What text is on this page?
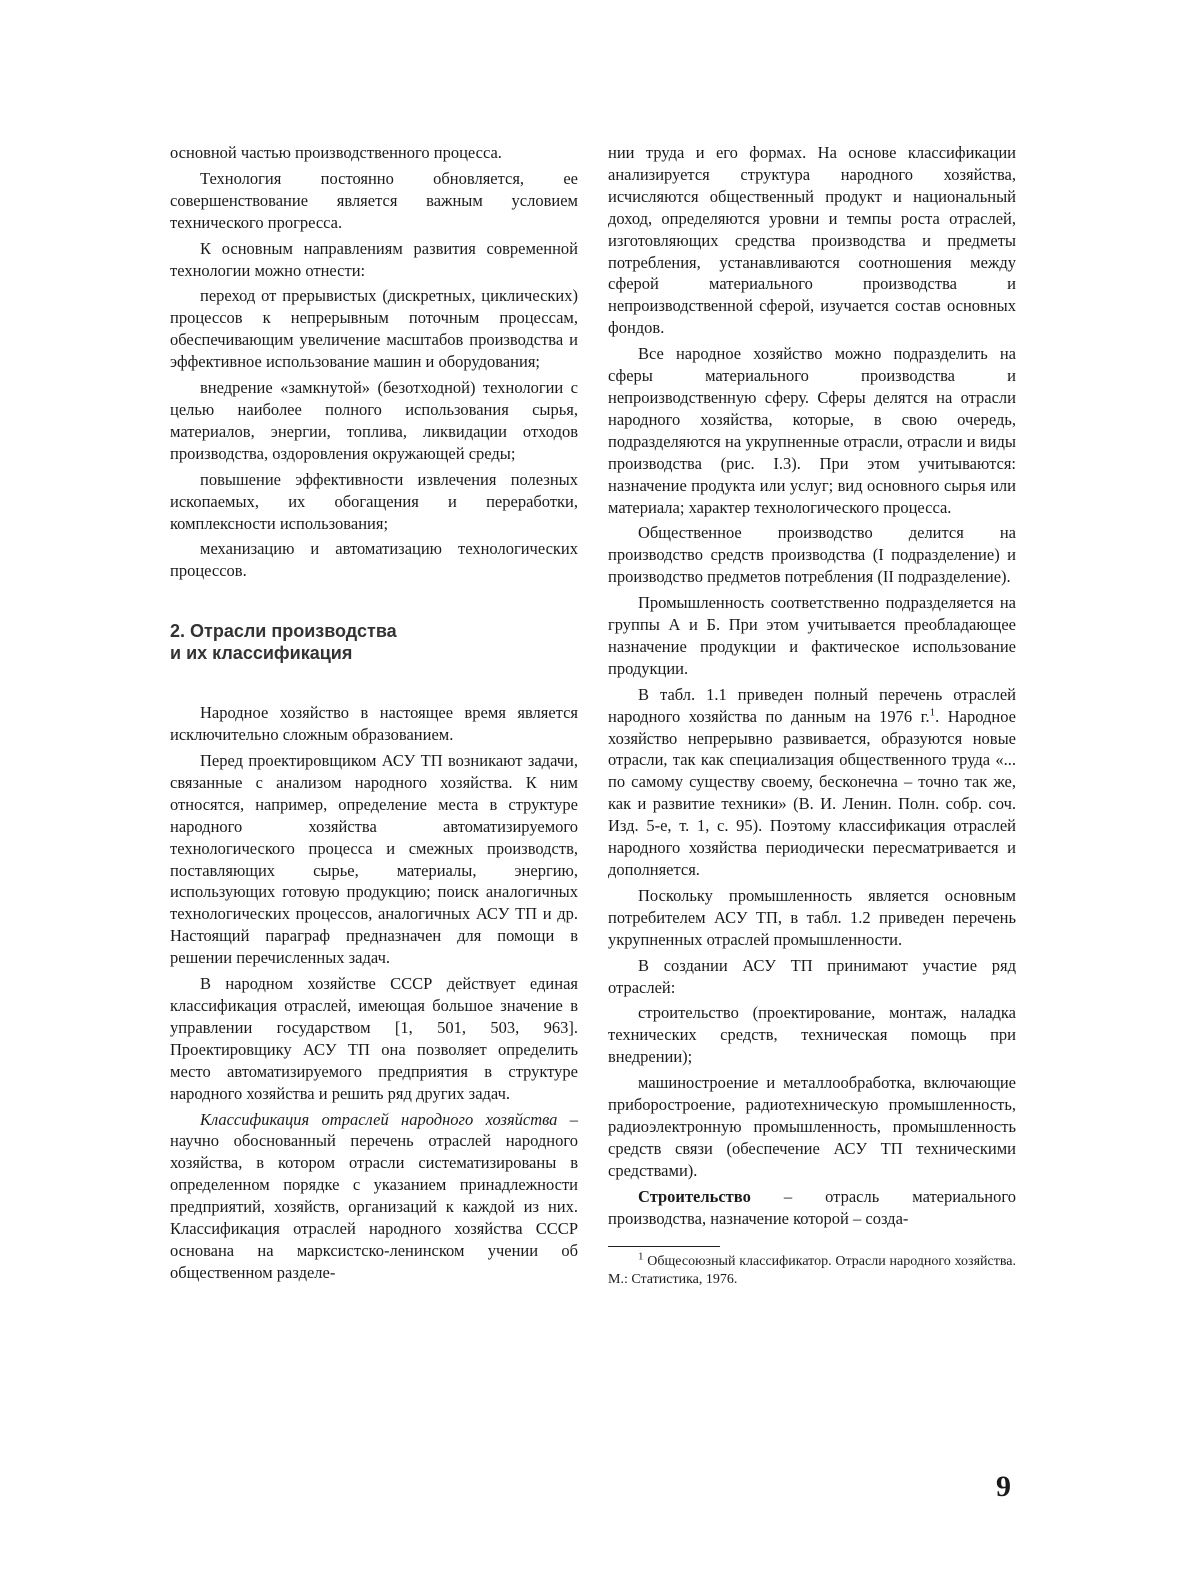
основной частью производственного процесса.

Технология постоянно обновляется, ее совершенствование является важным условием технического прогресса.

К основным направлениям развития современной технологии можно отнести:

переход от прерывистых (дискретных, циклических) процессов к непрерывным поточным процессам, обеспечивающим увеличение масштабов производства и эффективное использование машин и оборудования;

внедрение «замкнутой» (безотходной) технологии с целью наиболее полного использования сырья, материалов, энергии, топлива, ликвидации отходов производства, оздоровления окружающей среды;

повышение эффективности извлечения полезных ископаемых, их обогащения и переработки, комплексности использования;

механизацию и автоматизацию технологических процессов.

2. Отрасли производства
и их классификация

Народное хозяйство в настоящее время является исключительно сложным образованием.

Перед проектировщиком АСУ ТП возникают задачи, связанные с анализом народного хозяйства. К ним относятся, например, определение места в структуре народного хозяйства автоматизируемого технологического процесса и смежных производств, поставляющих сырье, материалы, энергию, использующих готовую продукцию; поиск аналогичных технологических процессов, аналогичных АСУ ТП и др. Настоящий параграф предназначен для помощи в решении перечисленных задач.

В народном хозяйстве СССР действует единая классификация отраслей, имеющая большое значение в управлении государством [1, 501, 503, 963]. Проектировщику АСУ ТП она позволяет определить место автоматизируемого предприятия в структуре народного хозяйства и решить ряд других задач.

Классификация отраслей народного хозяйства – научно обоснованный перечень отраслей народного хозяйства, в котором отрасли систематизированы в определенном порядке с указанием принадлежности предприятий, хозяйств, организаций к каждой из них. Классификация отраслей народного хозяйства СССР основана на марксистско-ленинском учении об общественном разделе-

нии труда и его формах. На основе классификации анализируется структура народного хозяйства, исчисляются общественный продукт и национальный доход, определяются уровни и темпы роста отраслей, изготовляющих средства производства и предметы потребления, устанавливаются соотношения между сферой материального производства и непроизводственной сферой, изучается состав основных фондов.

Все народное хозяйство можно подразделить на сферы материального производства и непроизводственную сферу. Сферы делятся на отрасли народного хозяйства, которые, в свою очередь, подразделяются на укрупненные отрасли, отрасли и виды производства (рис. I.3). При этом учитываются: назначение продукта или услуг; вид основного сырья или материала; характер технологического процесса.

Общественное производство делится на производство средств производства (I подразделение) и производство предметов потребления (II подразделение).

Промышленность соответственно подразделяется на группы А и Б. При этом учитывается преобладающее назначение продукции и фактическое использование продукции.

В табл. 1.1 приведен полный перечень отраслей народного хозяйства по данным на 1976 г.$^1$. Народное хозяйство непрерывно развивается, образуются новые отрасли, так как специализация общественного труда «... по самому существу своему, бесконечна – точно так же, как и развитие техники» (В. И. Ленин. Полн. собр. соч. Изд. 5-е, т. 1, с. 95). Поэтому классификация отраслей народного хозяйства периодически пересматривается и дополняется.

Поскольку промышленность является основным потребителем АСУ ТП, в табл. 1.2 приведен перечень укрупненных отраслей промышленности.

В создании АСУ ТП принимают участие ряд отраслей:

строительство (проектирование, монтаж, наладка технических средств, техническая помощь при внедрении);

машиностроение и металлообработка, включающие приборостроение, радиотехническую промышленность, радиоэлектронную промышленность, промышленность средств связи (обеспечение АСУ ТП техническими средствами).

Строительство – отрасль материального производства, назначение которой – созда-

$^1$ Общесоюзный классификатор. Отрасли народного хозяйства. М.: Статистика, 1976.

9
